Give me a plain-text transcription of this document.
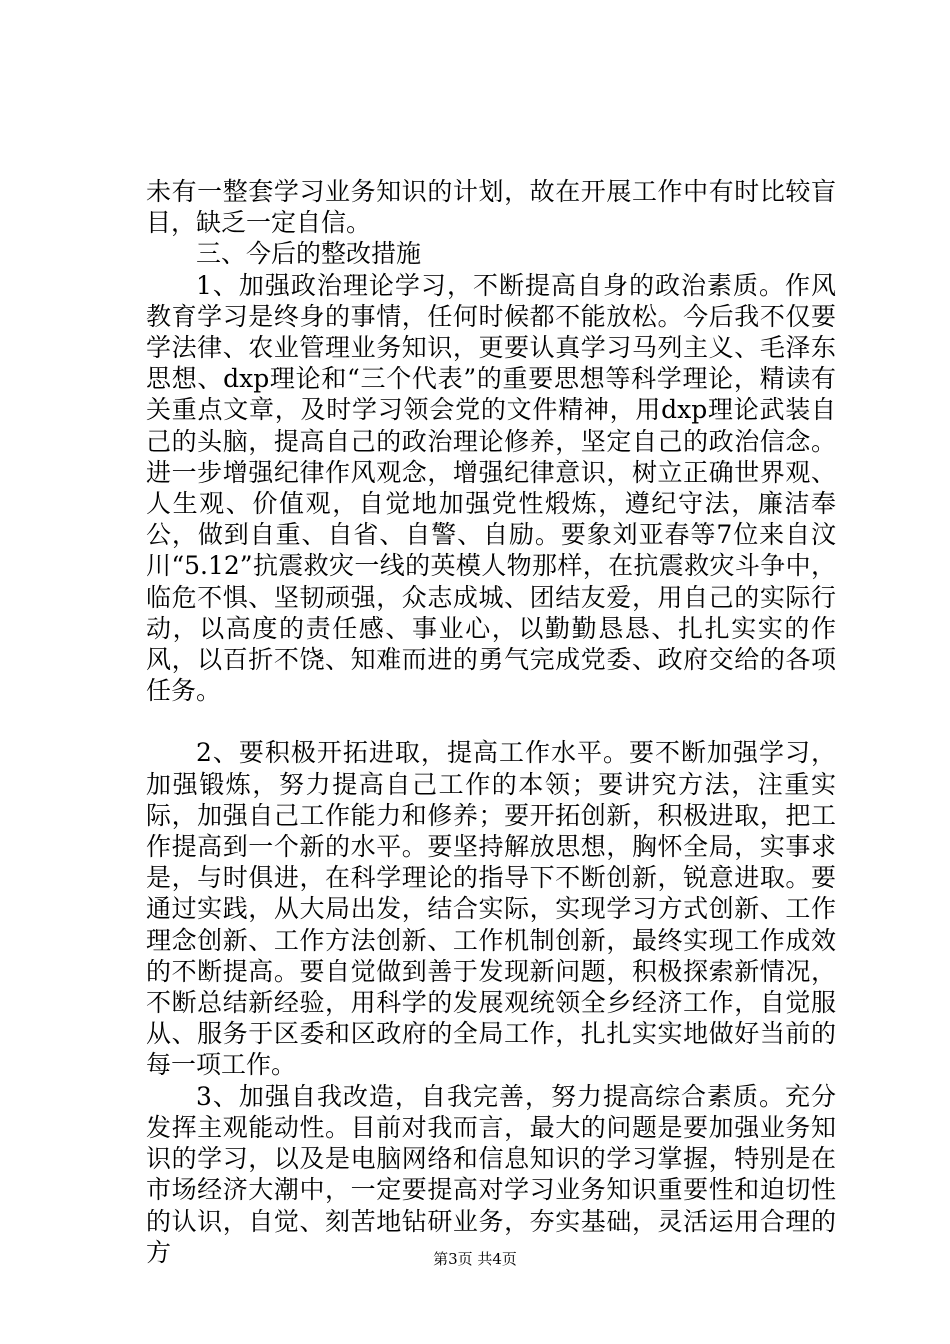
未有一整套学习业务知识的计划，故在开展工作中有时比较盲目，缺乏一定自信。

三、今后的整改措施

1、加强政治理论学习，不断提高自身的政治素质。作风教育学习是终身的事情，任何时候都不能放松。今后我不仅要学法律、农业管理业务知识，更要认真学习马列主义、毛泽东思想、dxp理论和“三个代表”的重要思想等科学理论，精读有关重点文章，及时学习领会党的文件精神，用dxp理论武装自己的头脑，提高自己的政治理论修养，坚定自己的政治信念。进一步增强纪律作风观念，增强纪律意识，树立正确世界观、人生观、价值观，自觉地加强党性煅炼，遵纪守法，廉洁奉公，做到自重、自省、自警、自励。要象刘亚春等7位来自汶川“5.12”抗震救灾一线的英模人物那样，在抗震救灾斗争中，临危不惧、坚韧顽强，众志成城、团结友爱，用自己的实际行动，以高度的责任感、事业心，以勤勤恳恳、扎扎实实的作风，以百折不饶、知难而进的勇气完成党委、政府交给的各项任务。

2、要积极开拓进取，提高工作水平。要不断加强学习，加强锻炼，努力提高自己工作的本领；要讲究方法，注重实际，加强自己工作能力和修养；要开拓创新，积极进取，把工作提高到一个新的水平。要坚持解放思想，胸怀全局，实事求是，与时俱进，在科学理论的指导下不断创新，锐意进取。要通过实践，从大局出发，结合实际，实现学习方式创新、工作理念创新、工作方法创新、工作机制创新，最终实现工作成效的不断提高。要自觉做到善于发现新问题，积极探索新情况，不断总结新经验，用科学的发展观统领全乡经济工作，自觉服从、服务于区委和区政府的全局工作，扎扎实实地做好当前的每一项工作。

3、加强自我改造，自我完善，努力提高综合素质。充分发挥主观能动性。目前对我而言，最大的问题是要加强业务知识的学习，以及是电脑网络和信息知识的学习掌握，特别是在市场经济大潮中，一定要提高对学习业务知识重要性和迫切性的认识，自觉、刻苦地钻研业务，夯实基础，灵活运用合理的方	第3页 共4页
